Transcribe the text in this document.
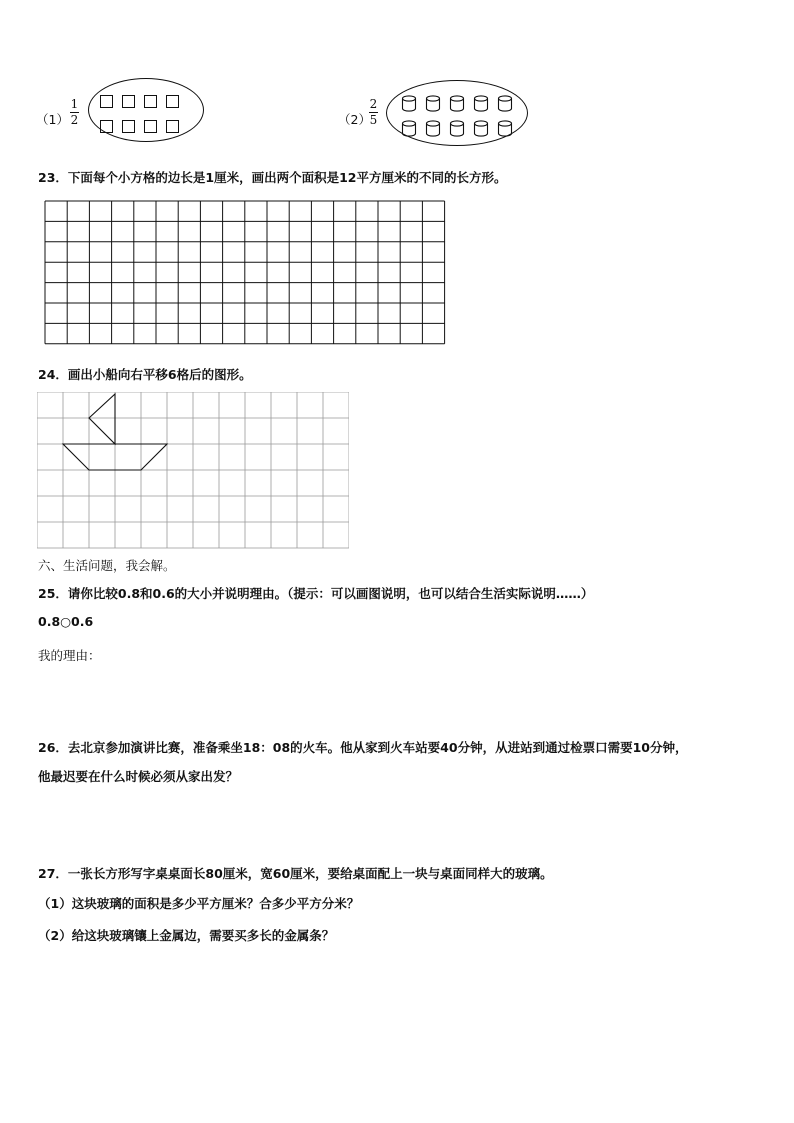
（1）
1
2	（2）
2
5
23．下面每个小方格的边长是1厘米，画出两个面积是12平方厘米的不同的长方形。
24．画出小船向右平移6格后的图形。
六、生活问题，我会解。
25．请你比较0.8和0.6的大小并说明理由。（提示：可以画图说明，也可以结合生活实际说明……）
0.8○0.6
我的理由：
26．去北京参加演讲比赛，准备乘坐18：08的火车。他从家到火车站要40分钟，从进站到通过检票口需要10分钟，
他最迟要在什么时候必须从家出发？
27．一张长方形写字桌桌面长80厘米，宽60厘米，要给桌面配上一块与桌面同样大的玻璃。
（1）这块玻璃的面积是多少平方厘米？合多少平方分米？
（2）给这块玻璃镶上金属边，需要买多长的金属条？
